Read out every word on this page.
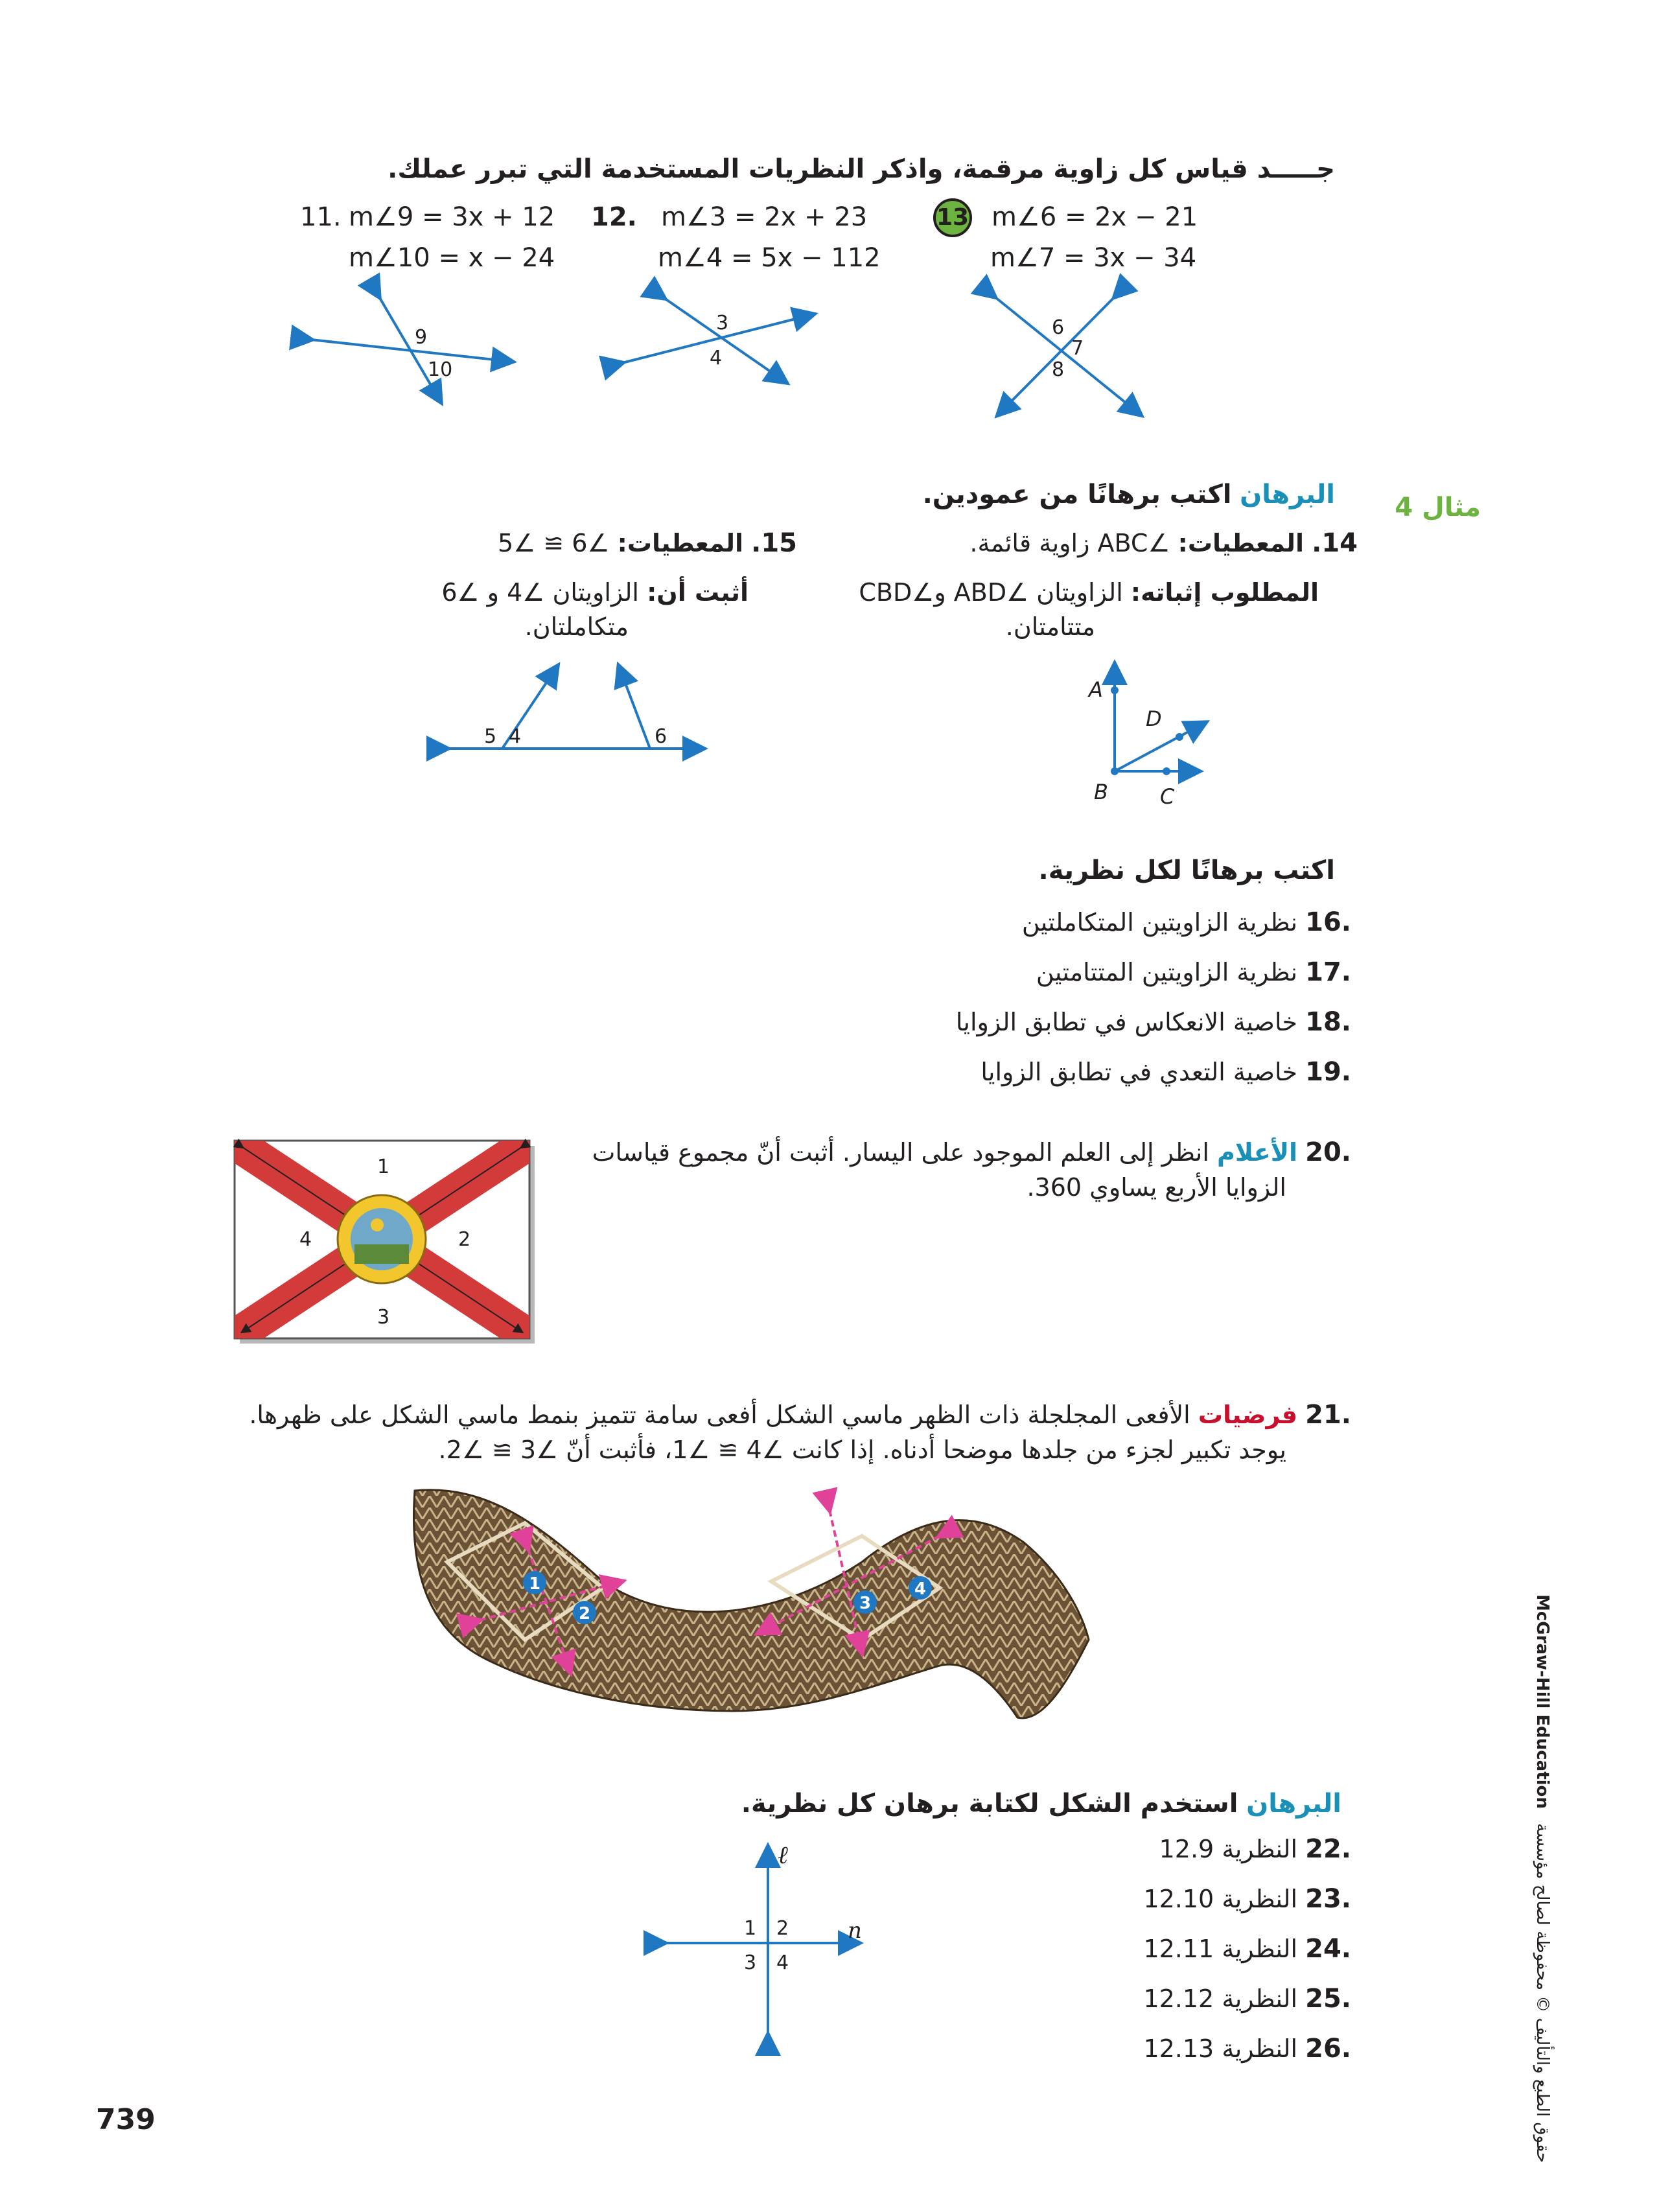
جـــــد قياس كل زاوية مرقمة، واذكر النظريات المستخدمة التي تبرر عملك.
11. m∠9 = 3x + 12
m∠10 = x − 24
12. m∠3 = 2x + 23
m∠4 = 5x − 112
13 m∠6 = 2x − 21
m∠7 = 3x − 34
9
10
3
4
6
7
8
مثال 4
البرهان اكتب برهانًا من عمودين.
14. المعطيات: ∠ABC زاوية قائمة.
المطلوب إثباته: الزاويتان ∠ABD و∠CBD
متتامتان.
15. المعطيات: ∠6 ≅ ∠5
أثبت أن: الزاويتان ∠4 و ∠6
متكاملتان.
A
D
B	C
5 4	6
اكتب برهانًا لكل نظرية.
.16 نظرية الزاويتين المتكاملتين
.17 نظرية الزاويتين المتتامتين
.18 خاصية الانعكاس في تطابق الزوايا
.19 خاصية التعدي في تطابق الزوايا
.20 الأعلام انظر إلى العلم الموجود على اليسار. أثبت أنّ مجموع قياسات
الزوايا الأربع يساوي 360.
1
2
3
4
.21 فرضيات الأفعى المجلجلة ذات الظهر ماسي الشكل أفعى سامة تتميز بنمط ماسي الشكل على ظهرها.
يوجد تكبير لجزء من جلدها موضحا أدناه. إذا كانت ∠4 ≅ ∠1، فأثبت أنّ ∠3 ≅ ∠2.
1
2
3
4
البرهان استخدم الشكل لكتابة برهان كل نظرية.
.22 النظرية 12.9
.23 النظرية 12.10
.24 النظرية 12.11
.25 النظرية 12.12
.26 النظرية 12.13
ℓ
n
1 2
3 4
739
McGraw-Hill Education حقوق الطبع والتأليف © محفوظة لصالح مؤسسة
